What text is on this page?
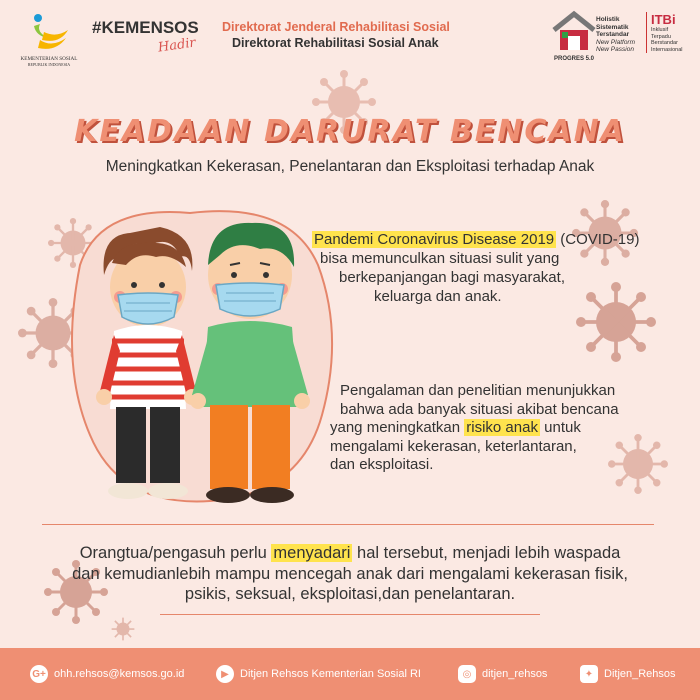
KEMENTERIAN SOSIAL
REPUBLIK INDONESIA
#KEMENSOS
Hadir
Direktorat Jenderal Rehabilitasi Sosial
Direktorat Rehabilitasi Sosial Anak
PROGRES 5.0
Holistik
Sistematik
Terstandar
New Platform
New Passion
ITBi
Inklusif
Terpadu
Berstandar
Internasional
KEADAAN DARURAT BENCANA
Meningkatkan Kekerasan, Penelantaran dan Eksploitasi terhadap Anak
Pandemi Coronavirus Disease 2019 (COVID-19)
bisa memunculkan situasi sulit yang
berkepanjangan bagi masyarakat,
keluarga dan anak.
Pengalaman dan penelitian menunjukkan
bahwa ada banyak situasi akibat bencana
yang meningkatkan risiko anak untuk
mengalami kekerasan, keterlantaran,
dan eksploitasi.
Orangtua/pengasuh perlu menyadari hal tersebut, menjadi lebih waspada
dan kemudianlebih mampu mencegah anak dari mengalami kekerasan fisik,
psikis, seksual, eksploitasi,dan penelantaran.
G+ ohh.rehsos@kemsos.go.id	▶	Ditjen Rehsos Kementerian Sosial RI	◎ ditjen_rehsos	✦ Ditjen_Rehsos
